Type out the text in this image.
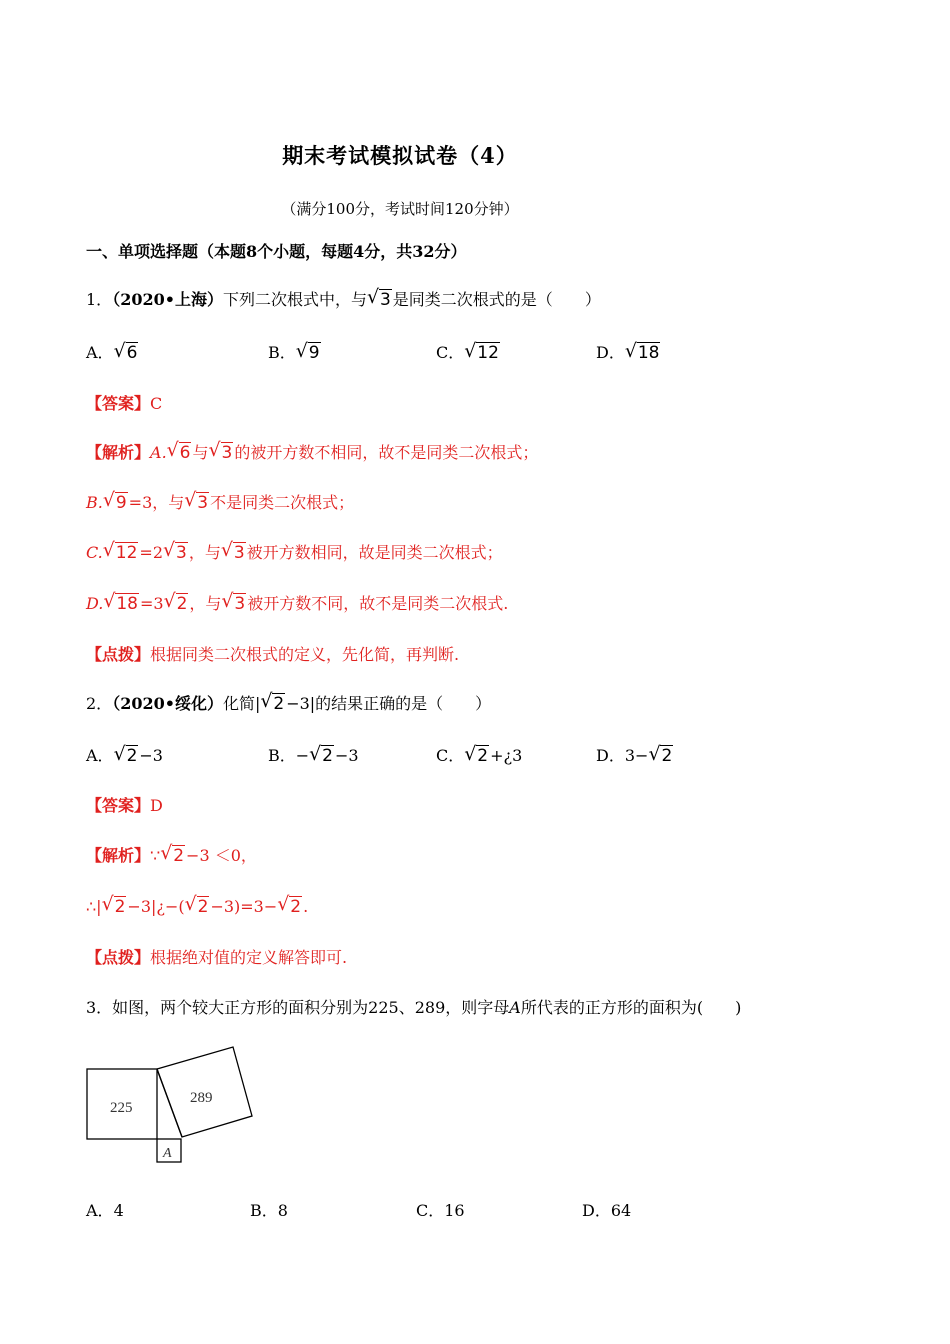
期末考试模拟试卷（4）
（满分100分，考试时间120分钟）
一、单项选择题（本题8个小题，每题4分，共32分）
1．（2020•上海）下列二次根式中，与 √ 3 是同类二次根式的是（ ）
A． √ 6	B． √ 9	C． √ 12	D． √ 18
【答案】C
【解析】A. √ 6 与 √ 3 的被开方数不相同，故不是同类二次根式；
B. √ 9 =3，与 √ 3 不是同类二次根式；
C. √ 12 =2 √ 3 ，与 √ 3 被开方数相同，故是同类二次根式；
D. √ 18 =3 √ 2 ，与 √ 3 被开方数不同，故不是同类二次根式.
【点拨】根据同类二次根式的定义，先化简，再判断.
2．（2020•绥化）化简| √ 2 −3|的结果正确的是（ ）
A． √ 2 −3	B．− √ 2 −3	C． √ 2 +¿3	D．3− √ 2
【答案】D
【解析】∵ √ 2 −3 ＜0，
∴| √ 2 −3|¿−( √ 2 −3)=3− √ 2 .
【点拨】根据绝对值的定义解答即可.
3．如图，两个较大正方形的面积分别为225、289，则字母A所代表的正方形的面积为( )
225
289
A
A．4	B．8	C．16	D．64
